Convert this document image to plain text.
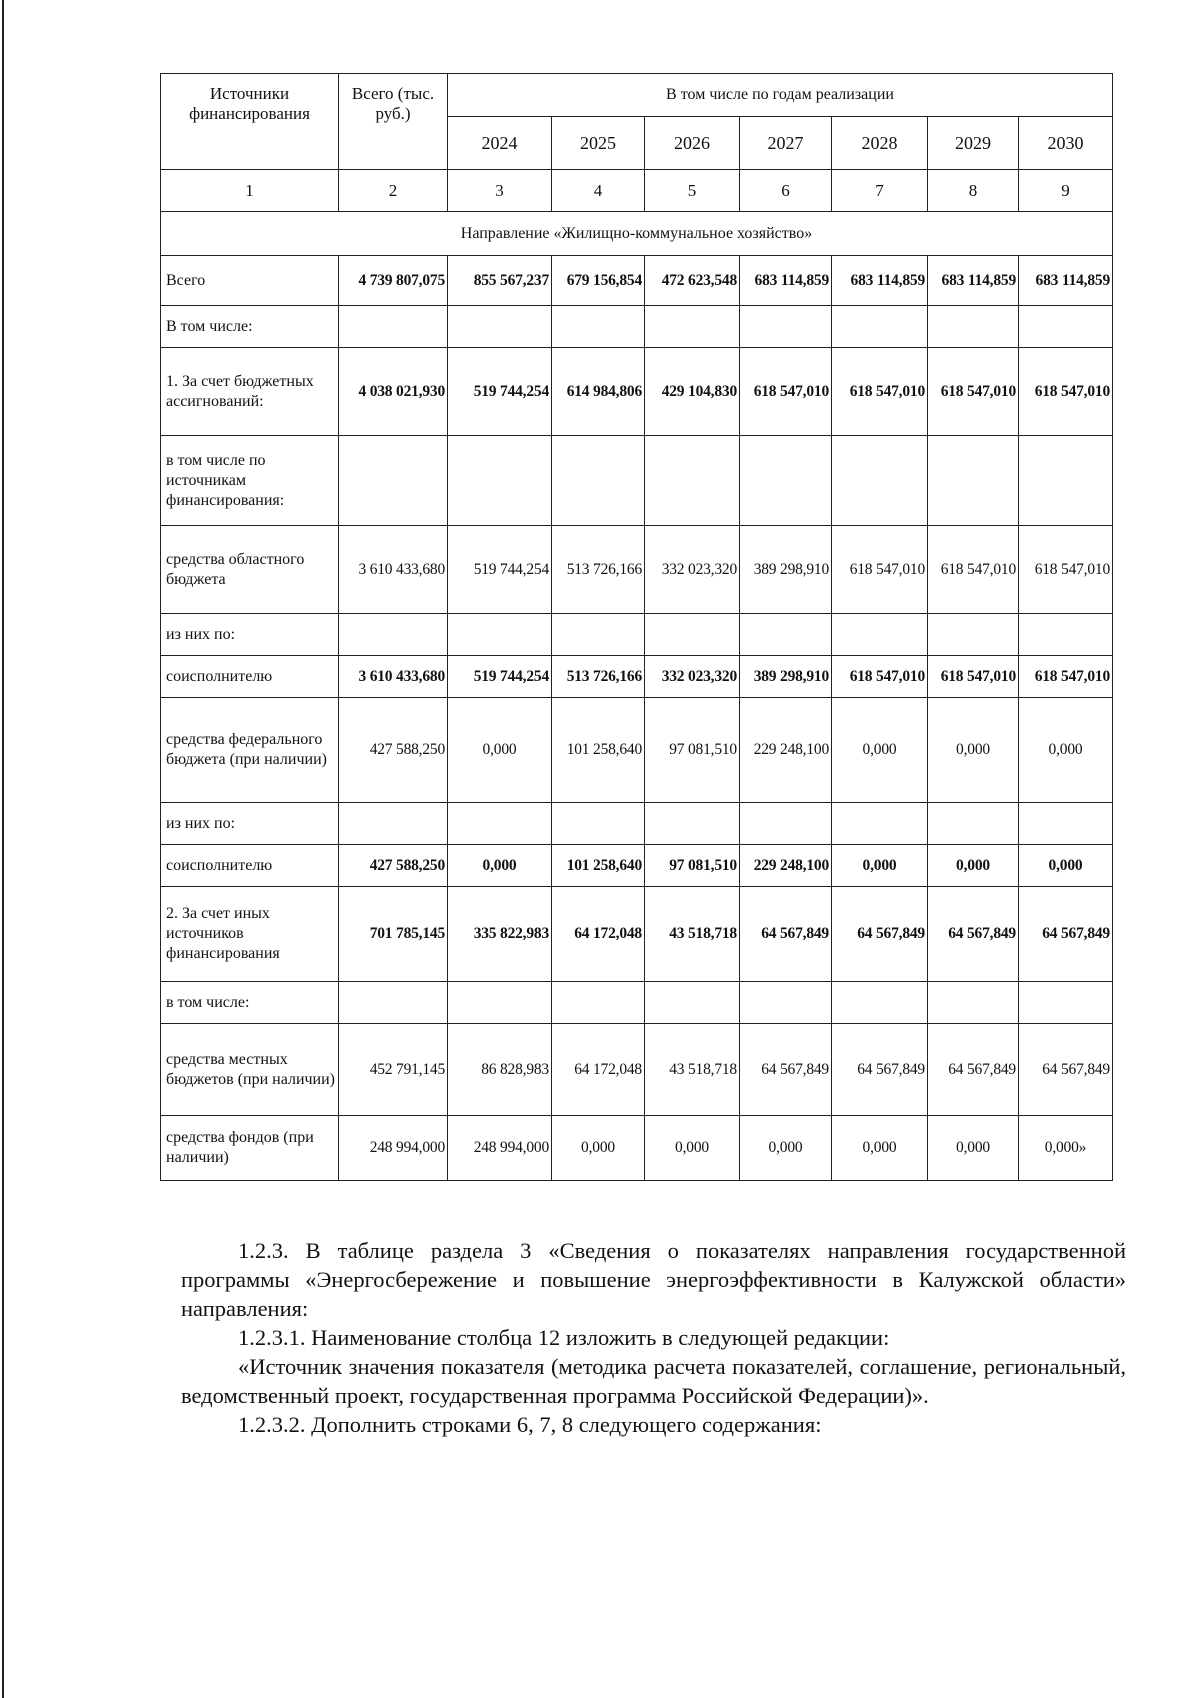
Источники финансирования	Всего (тыс. руб.)	В том числе по годам реализации						
		2024	2025	2026	2027	2028	2029	2030
1	2	3	4	5	6	7	8	9
Направление «Жилищно-коммунальное хозяйство»								
Всего	4 739 807,075	855 567,237	679 156,854	472 623,548	683 114,859	683 114,859	683 114,859	683 114,859
В том числе:								
1. За счет бюджетных ассигнований:	4 038 021,930	519 744,254	614 984,806	429 104,830	618 547,010	618 547,010	618 547,010	618 547,010
в том числе по источникам финансирования:								
средства областного бюджета	3 610 433,680	519 744,254	513 726,166	332 023,320	389 298,910	618 547,010	618 547,010	618 547,010
из них по:								
соисполнителю	3 610 433,680	519 744,254	513 726,166	332 023,320	389 298,910	618 547,010	618 547,010	618 547,010
средства федерального бюджета (при наличии)	427 588,250	0,000	101 258,640	97 081,510	229 248,100	0,000	0,000	0,000
из них по:								
соисполнителю	427 588,250	0,000	101 258,640	97 081,510	229 248,100	0,000	0,000	0,000
2. За счет иных источников финансирования	701 785,145	335 822,983	64 172,048	43 518,718	64 567,849	64 567,849	64 567,849	64 567,849
в том числе:								
средства местных бюджетов (при наличии)	452 791,145	86 828,983	64 172,048	43 518,718	64 567,849	64 567,849	64 567,849	64 567,849
средства фондов (при наличии)	248 994,000	248 994,000	0,000	0,000	0,000	0,000	0,000	0,000»

1.2.3. В таблице раздела 3 «Сведения о показателях направления государственной программы «Энергосбережение и повышение энергоэффективности в Калужской области» направления:

1.2.3.1. Наименование столбца 12 изложить в следующей редакции:

«Источник значения показателя (методика расчета показателей, соглашение, региональный, ведомственный проект, государственная программа Российской Федерации)».

1.2.3.2. Дополнить строками 6, 7, 8 следующего содержания:
